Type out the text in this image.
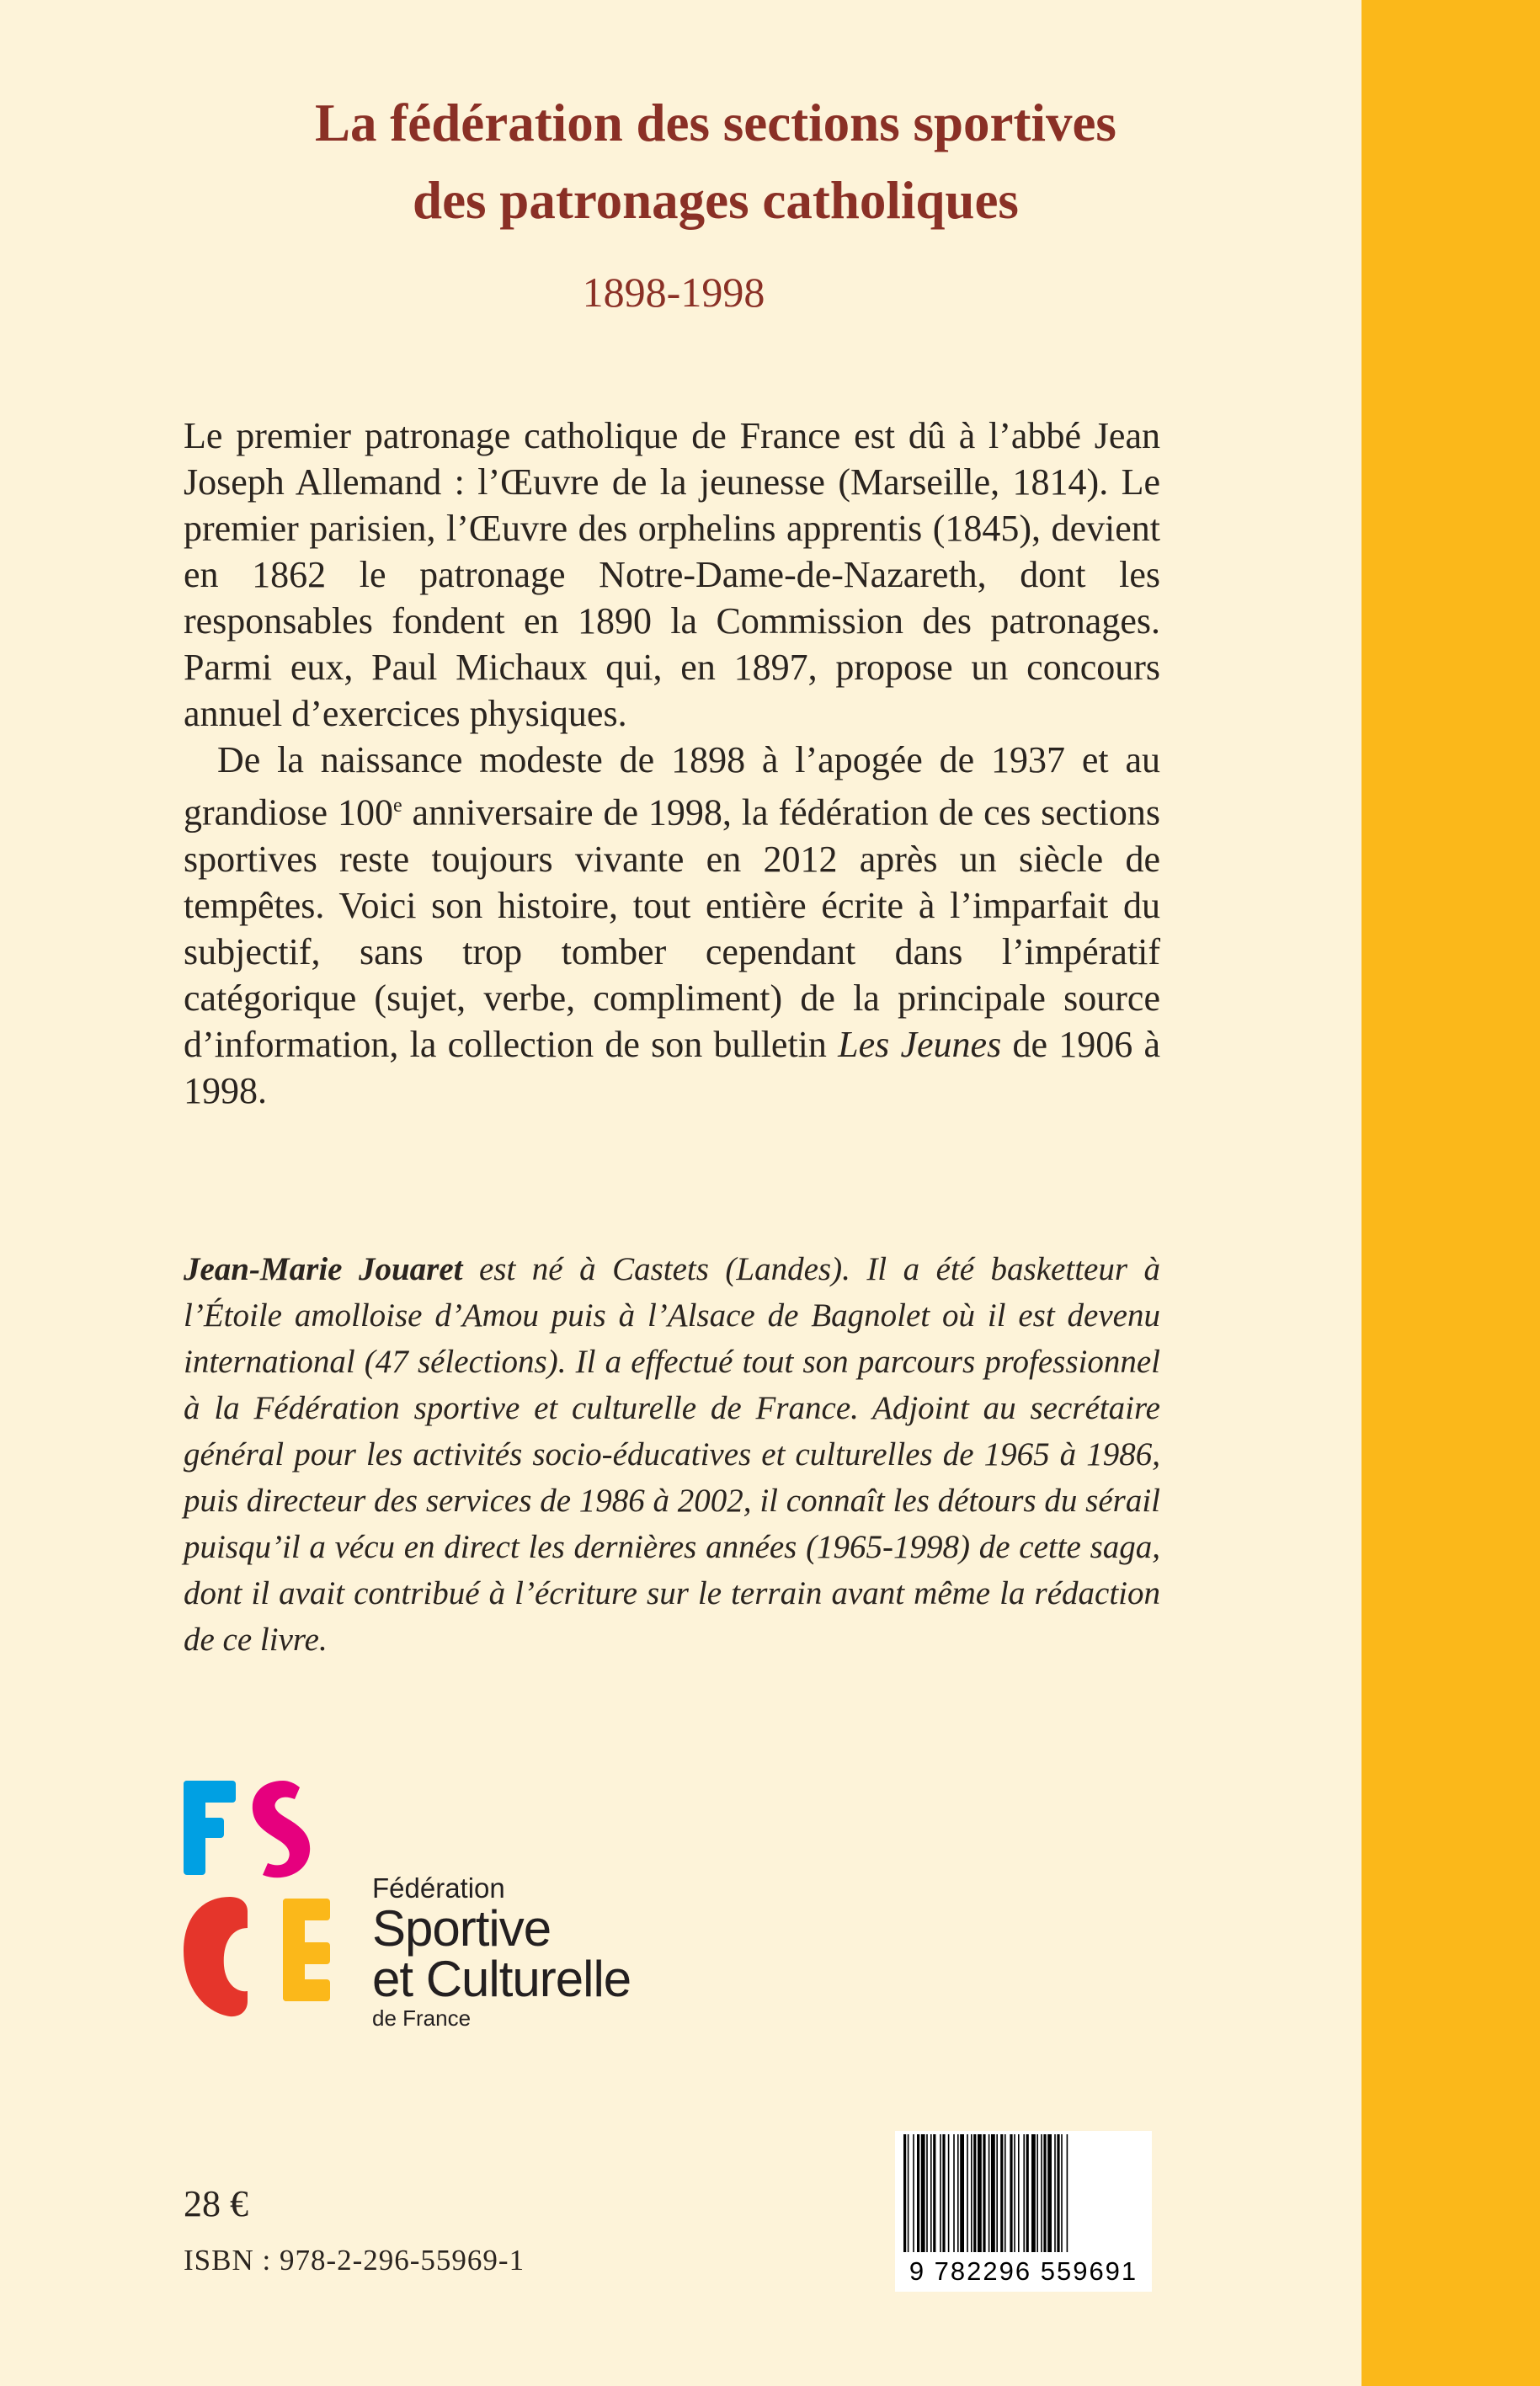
La fédération des sections sportives
des patronages catholiques

1898-1998

Le premier patronage catholique de France est dû à l’abbé Jean Joseph Allemand : l’Œuvre de la jeunesse (Marseille, 1814). Le premier parisien, l’Œuvre des orphelins apprentis (1845), devient en 1862 le patronage Notre-Dame-de-Nazareth, dont les responsables fondent en 1890 la Commission des patronages. Parmi eux, Paul Michaux qui, en 1897, propose un concours annuel d’exercices physiques.

De la naissance modeste de 1898 à l’apogée de 1937 et au grandiose 100e anniversaire de 1998, la fédération de ces sections sportives reste toujours vivante en 2012 après un siècle de tempêtes. Voici son histoire, tout entière écrite à l’imparfait du subjectif, sans trop tomber cependant dans l’impératif catégorique (sujet, verbe, compliment) de la principale source d’information, la collection de son bulletin Les Jeunes de 1906 à 1998.

Jean-Marie Jouaret est né à Castets (Landes). Il a été basketteur à l’Étoile amolloise d’Amou puis à l’Alsace de Bagnolet où il est devenu international (47 sélections). Il a effectué tout son parcours professionnel à la Fédération sportive et culturelle de France. Adjoint au secrétaire général pour les activités socio-éducatives et culturelles de 1965 à 1986, puis directeur des services de 1986 à 2002, il connaît les détours du sérail puisqu’il a vécu en direct les dernières années (1965-1998) de cette saga, dont il avait contribué à l’écriture sur le terrain avant même la rédaction de ce livre.

Fédération
Sportive
et Culturelle
de France

28 €

ISBN : 978-2-296-55969-1	9 782296 559691
